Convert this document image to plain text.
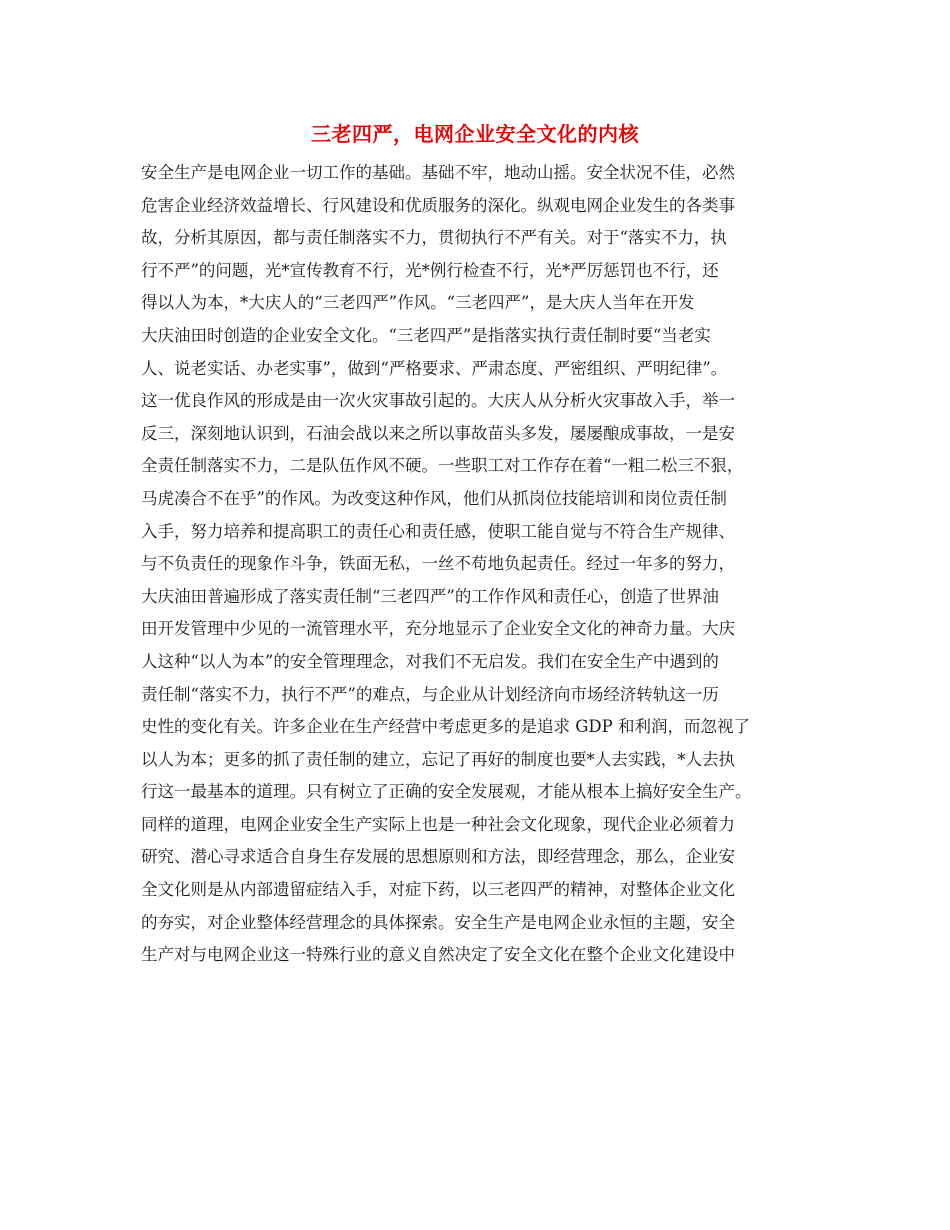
三老四严，电网企业安全文化的内核
安全生产是电网企业一切工作的基础。基础不牢，地动山摇。安全状况不佳，必然
危害企业经济效益增长、行风建设和优质服务的深化。纵观电网企业发生的各类事
故，分析其原因，都与责任制落实不力，贯彻执行不严有关。对于“落实不力，执
行不严”的问题，光*宣传教育不行，光*例行检查不行，光*严厉惩罚也不行，还
得以人为本，*大庆人的“三老四严”作风。“三老四严”，是大庆人当年在开发
大庆油田时创造的企业安全文化。“三老四严”是指落实执行责任制时要“当老实
人、说老实话、办老实事”，做到“严格要求、严肃态度、严密组织、严明纪律”。
这一优良作风的形成是由一次火灾事故引起的。大庆人从分析火灾事故入手，举一
反三，深刻地认识到，石油会战以来之所以事故苗头多发，屡屡酿成事故，一是安
全责任制落实不力，二是队伍作风不硬。一些职工对工作存在着“一粗二松三不狠，
马虎凑合不在乎”的作风。为改变这种作风，他们从抓岗位技能培训和岗位责任制
入手，努力培养和提高职工的责任心和责任感，使职工能自觉与不符合生产规律、
与不负责任的现象作斗争，铁面无私，一丝不苟地负起责任。经过一年多的努力，
大庆油田普遍形成了落实责任制“三老四严”的工作作风和责任心，创造了世界油
田开发管理中少见的一流管理水平，充分地显示了企业安全文化的神奇力量。大庆
人这种“以人为本”的安全管理理念，对我们不无启发。我们在安全生产中遇到的
责任制“落实不力，执行不严”的难点，与企业从计划经济向市场经济转轨这一历
史性的变化有关。许多企业在生产经营中考虑更多的是追求 GDP 和利润，而忽视了
以人为本；更多的抓了责任制的建立，忘记了再好的制度也要*人去实践，*人去执
行这一最基本的道理。只有树立了正确的安全发展观，才能从根本上搞好安全生产。
同样的道理，电网企业安全生产实际上也是一种社会文化现象，现代企业必须着力
研究、潜心寻求适合自身生存发展的思想原则和方法，即经营理念，那么，企业安
全文化则是从内部遗留症结入手，对症下药，以三老四严的精神，对整体企业文化
的夯实，对企业整体经营理念的具体探索。安全生产是电网企业永恒的主题，安全
生产对与电网企业这一特殊行业的意义自然决定了安全文化在整个企业文化建设中
